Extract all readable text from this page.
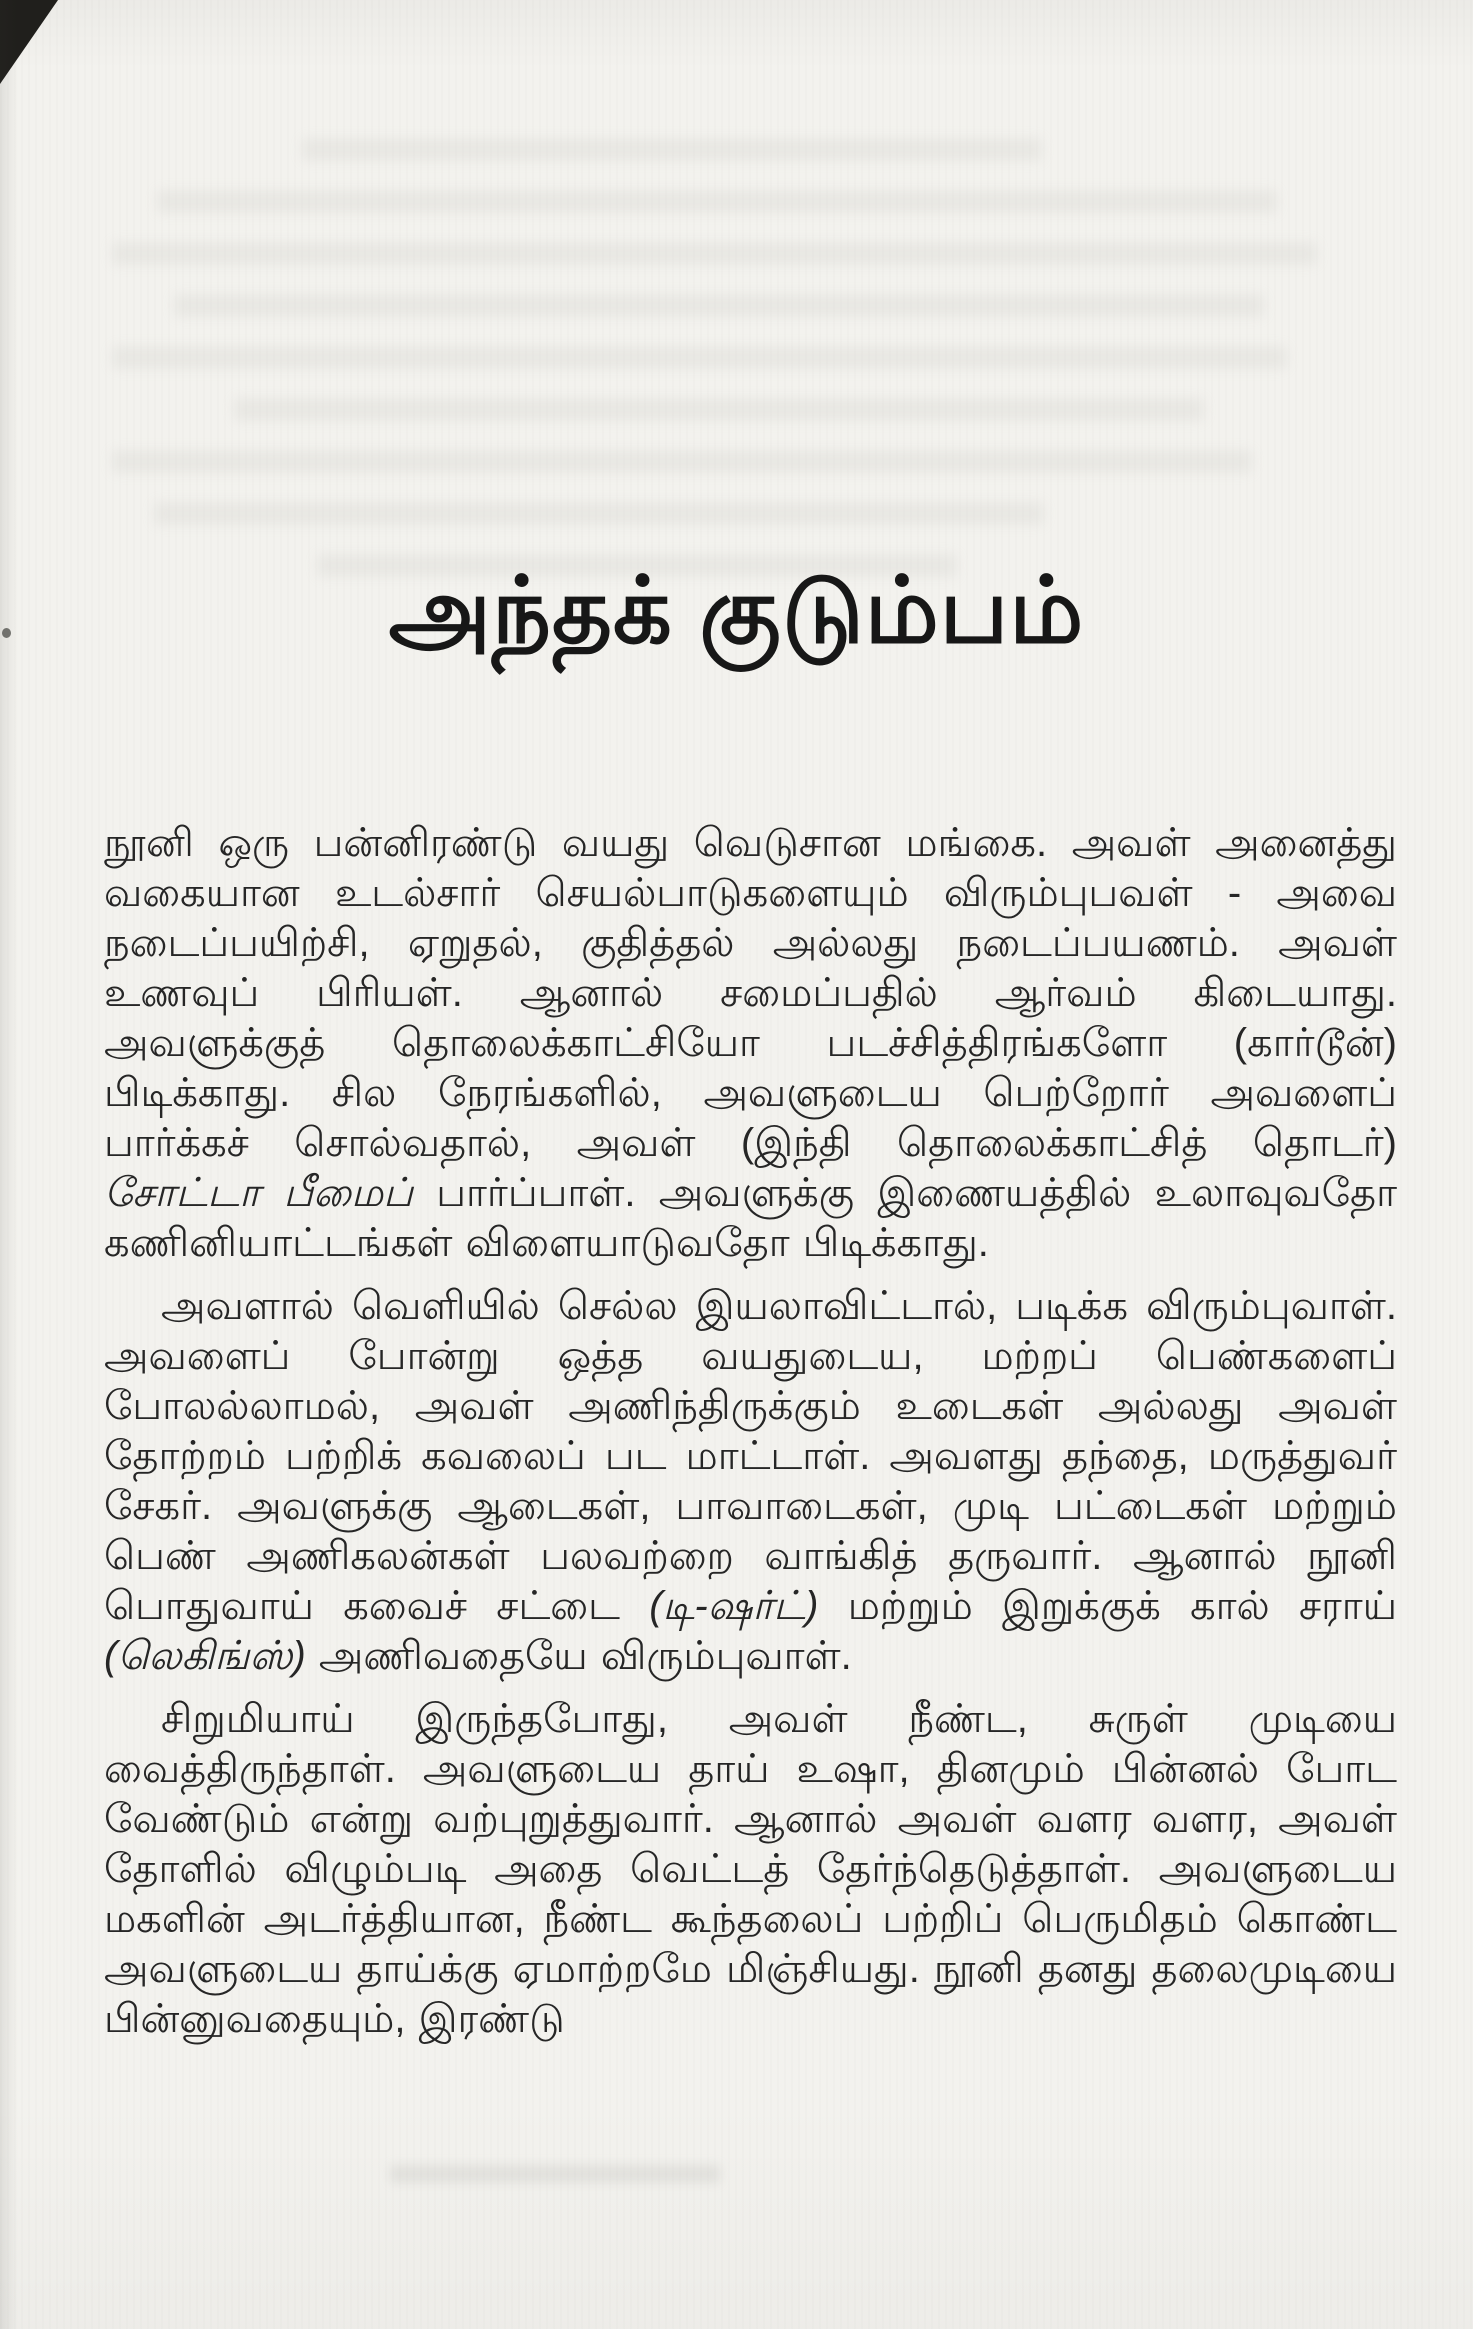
அந்தக் குடும்பம்

நூனி ஒரு பன்னிரண்டு வயது வெடுசான மங்கை. அவள் அனைத்து வகையான உடல்சார் செயல்பாடுகளையும் விரும்புபவள் - அவை நடைப்பயிற்சி, ஏறுதல், குதித்தல் அல்லது நடைப்பயணம். அவள் உணவுப் பிரியள். ஆனால் சமைப்பதில் ஆர்வம் கிடையாது. அவளுக்குத் தொலைக்காட்சியோ படச்சித்திரங்களோ (கார்டூன்) பிடிக்காது. சில நேரங்களில், அவளுடைய பெற்றோர் அவளைப் பார்க்கச் சொல்வதால், அவள் (இந்தி தொலைக்காட்சித் தொடர்) சோட்டா பீமைப் பார்ப்பாள். அவளுக்கு இணையத்தில் உலாவுவதோ கணினியாட்டங்கள் விளையாடுவதோ பிடிக்காது.

அவளால் வெளியில் செல்ல இயலாவிட்டால், படிக்க விரும்புவாள். அவளைப் போன்று ஒத்த வயதுடைய, மற்றப் பெண்களைப் போலல்லாமல், அவள் அணிந்திருக்கும் உடைகள் அல்லது அவள் தோற்றம் பற்றிக் கவலைப் பட மாட்டாள். அவளது தந்தை, மருத்துவர் சேகர். அவளுக்கு ஆடைகள், பாவாடைகள், முடி பட்டைகள் மற்றும் பெண் அணிகலன்கள் பலவற்றை வாங்கித் தருவார். ஆனால் நூனி பொதுவாய் கவைச் சட்டை (டி-ஷர்ட்) மற்றும் இறுக்குக் கால் சராய் (லெகிங்ஸ்) அணிவதையே விரும்புவாள்.

சிறுமியாய் இருந்தபோது, அவள் நீண்ட, சுருள் முடியை வைத்திருந்தாள். அவளுடைய தாய் உஷா, தினமும் பின்னல் போட வேண்டும் என்று வற்புறுத்துவார். ஆனால் அவள் வளர வளர, அவள் தோளில் விழும்படி அதை வெட்டத் தேர்ந்தெடுத்தாள். அவளுடைய மகளின் அடர்த்தியான, நீண்ட கூந்தலைப் பற்றிப் பெருமிதம் கொண்ட அவளுடைய தாய்க்கு ஏமாற்றமே மிஞ்சியது. நூனி தனது தலைமுடியை பின்னுவதையும், இரண்டு
